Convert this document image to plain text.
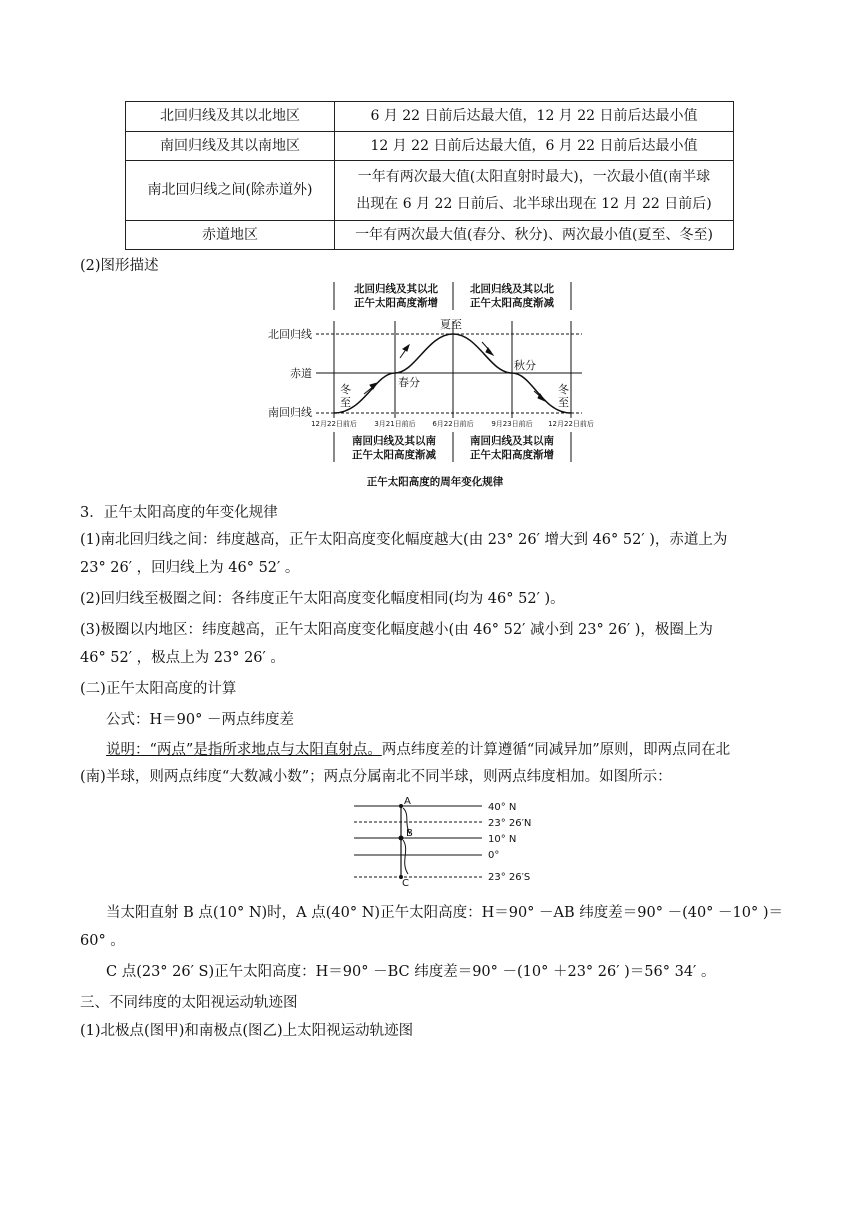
北回归线及其以北地区	6 月 22 日前后达最大值，12 月 22 日前后达最小值
南回归线及其以南地区	12 月 22 日前后达最大值，6 月 22 日前后达最小值
南北回归线之间(除赤道外)	一年有两次最大值(太阳直射时最大)，一次最小值(南半球
出现在 6 月 22 日前后、北半球出现在 12 月 22 日前后)

赤道地区	一年有两次最大值(春分、秋分)、两次最小值(夏至、冬至)
(2)图形描述
北回归线及其以北
正午太阳高度渐增
北回归线及其以北
正午太阳高度渐减
北回归线
赤道
南回归线
夏至
春分
秋分
冬
至
冬
至
12月22日前后 3月21日前后 6月22日前后	9月23日前后 12月22日前后
南回归线及其以南
正午太阳高度渐减
南回归线及其以南
正午太阳高度渐增
正午太阳高度的周年变化规律
3．正午太阳高度的年变化规律
(1)南北回归线之间：纬度越高，正午太阳高度变化幅度越大(由 23° 26′ 增大到 46° 52′ )，赤道上为
23° 26′ ，回归线上为 46° 52′ 。
(2)回归线至极圈之间：各纬度正午太阳高度变化幅度相同(均为 46° 52′ )。
(3)极圈以内地区：纬度越高，正午太阳高度变化幅度越小(由 46° 52′ 减小到 23° 26′ )，极圈上为
46° 52′ ，极点上为 23° 26′ 。
(二)正午太阳高度的计算
公式：H＝90° －两点纬度差
说明：“两点”是指所求地点与太阳直射点。两点纬度差的计算遵循“同减异加”原则，即两点同在北
(南)半球，则两点纬度“大数减小数”；两点分属南北不同半球，则两点纬度相加。如图所示：
A
B
C
40° N
23° 26′N
10° N
0°
23° 26′S
当太阳直射 B 点(10° N)时，A 点(40° N)正午太阳高度：H＝90° －AB 纬度差＝90° －(40° －10° )＝
60° 。
C 点(23° 26′ S)正午太阳高度：H＝90° －BC 纬度差＝90° －(10° ＋23° 26′ )＝56° 34′ 。
三、不同纬度的太阳视运动轨迹图
(1)北极点(图甲)和南极点(图乙)上太阳视运动轨迹图
